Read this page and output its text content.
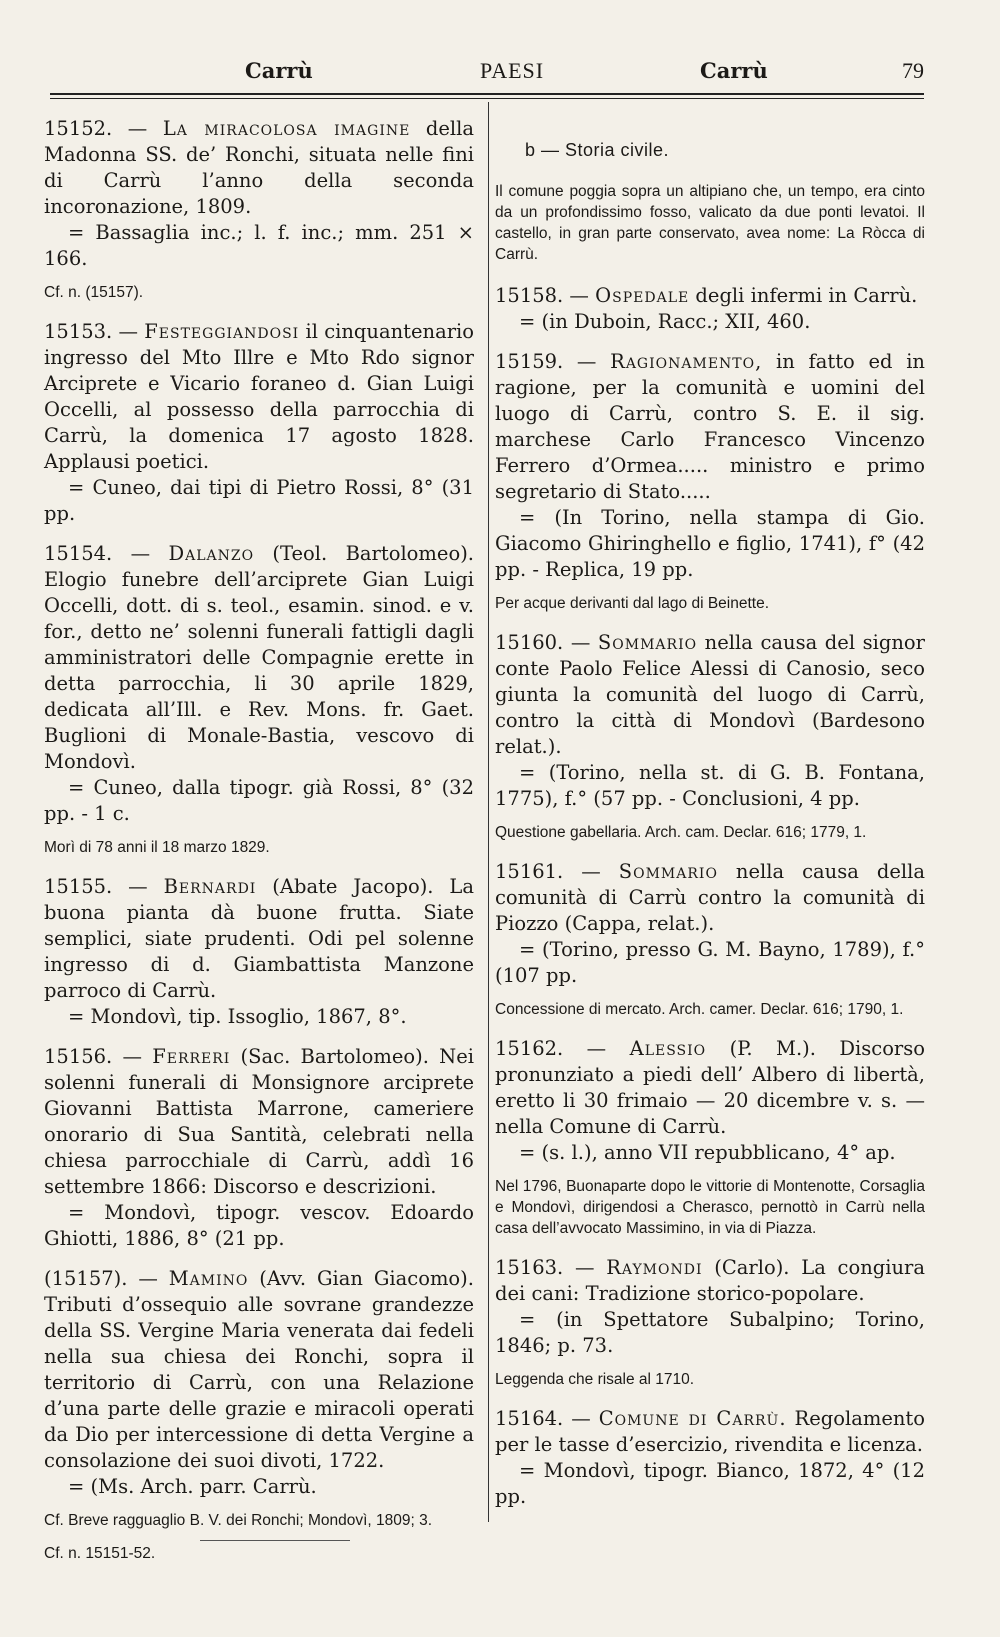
Carrù	PAESI	Carrù	79
15152. — La miracolosa imagine della Madonna SS. de’ Ronchi, situata nelle fini di Carrù l’anno della seconda incoronazione, 1809.
= Bassaglia inc.; l. f. inc.; mm. 251 × 166.
Cf. n. (15157).
15153. — Festeggiandosi il cinquantenario ingresso del Mto Illre e Mto Rdo signor Arciprete e Vicario foraneo d. Gian Luigi Occelli, al possesso della parrocchia di Carrù, la domenica 17 agosto 1828. Applausi poetici.
= Cuneo, dai tipi di Pietro Rossi, 8° (31 pp.
15154. — Dalanzo (Teol. Bartolomeo). Elogio funebre dell’arciprete Gian Luigi Occelli, dott. di s. teol., esamin. sinod. e v. for., detto ne’ solenni funerali fattigli dagli amministratori delle Compagnie erette in detta parrocchia, li 30 aprile 1829, dedicata all’Ill. e Rev. Mons. fr. Gaet. Buglioni di Monale-Bastia, vescovo di Mondovì.
= Cuneo, dalla tipogr. già Rossi, 8° (32 pp. - 1 c.
Morì di 78 anni il 18 marzo 1829.
15155. — Bernardi (Abate Jacopo). La buona pianta dà buone frutta. Siate semplici, siate prudenti. Odi pel solenne ingresso di d. Giambattista Manzone parroco di Carrù.
= Mondovì, tip. Issoglio, 1867, 8°.
15156. — Ferreri (Sac. Bartolomeo). Nei solenni funerali di Monsignore arciprete Giovanni Battista Marrone, cameriere onorario di Sua Santità, celebrati nella chiesa parrocchiale di Carrù, addì 16 settembre 1866: Discorso e descrizioni.
= Mondovì, tipogr. vescov. Edoardo Ghiotti, 1886, 8° (21 pp.
(15157). — Mamino (Avv. Gian Giacomo). Tributi d’ossequio alle sovrane grandezze della SS. Vergine Maria venerata dai fedeli nella sua chiesa dei Ronchi, sopra il territorio di Carrù, con una Relazione d’una parte delle grazie e miracoli operati da Dio per intercessione di detta Vergine a consolazione dei suoi divoti, 1722.
= (Ms. Arch. parr. Carrù.
Cf. Breve ragguaglio B. V. dei Ronchi; Mondovì, 1809; 3.
Cf. n. 15151-52.
b — Storia civile.
Il comune poggia sopra un altipiano che, un tempo, era cinto da un profondissimo fosso, valicato da due ponti levatoi. Il castello, in gran parte conservato, avea nome: La Ròcca di Carrù.
15158. — Ospedale degli infermi in Carrù.
= (in Duboin, Racc.; XII, 460.
15159. — Ragionamento, in fatto ed in ragione, per la comunità e uomini del luogo di Carrù, contro S. E. il sig. marchese Carlo Francesco Vincenzo Ferrero d’Ormea..... ministro e primo segretario di Stato.....
= (In Torino, nella stampa di Gio. Giacomo Ghiringhello e figlio, 1741), f° (42 pp. - Replica, 19 pp.
Per acque derivanti dal lago di Beinette.
15160. — Sommario nella causa del signor conte Paolo Felice Alessi di Canosio, seco giunta la comunità del luogo di Carrù, contro la città di Mondovì (Bardesono relat.).
= (Torino, nella st. di G. B. Fontana, 1775), f.° (57 pp. - Conclusioni, 4 pp.
Questione gabellaria. Arch. cam. Declar. 616; 1779, 1.
15161. — Sommario nella causa della comunità di Carrù contro la comunità di Piozzo (Cappa, relat.).
= (Torino, presso G. M. Bayno, 1789), f.° (107 pp.
Concessione di mercato. Arch. camer. Declar. 616; 1790, 1.
15162. — Alessio (P. M.). Discorso pronunziato a piedi dell’ Albero di libertà, eretto li 30 frimaio — 20 dicembre v. s. — nella Comune di Carrù.
= (s. l.), anno VII repubblicano, 4° ap.
Nel 1796, Buonaparte dopo le vittorie di Montenotte, Corsaglia e Mondovì, dirigendosi a Cherasco, pernottò in Carrù nella casa dell’avvocato Massimino, in via di Piazza.
15163. — Raymondi (Carlo). La congiura dei cani: Tradizione storico-popolare.
= (in Spettatore Subalpino; Torino, 1846; p. 73.
Leggenda che risale al 1710.
15164. — Comune di Carrù. Regolamento per le tasse d’esercizio, rivendita e licenza.
= Mondovì, tipogr. Bianco, 1872, 4° (12 pp.
